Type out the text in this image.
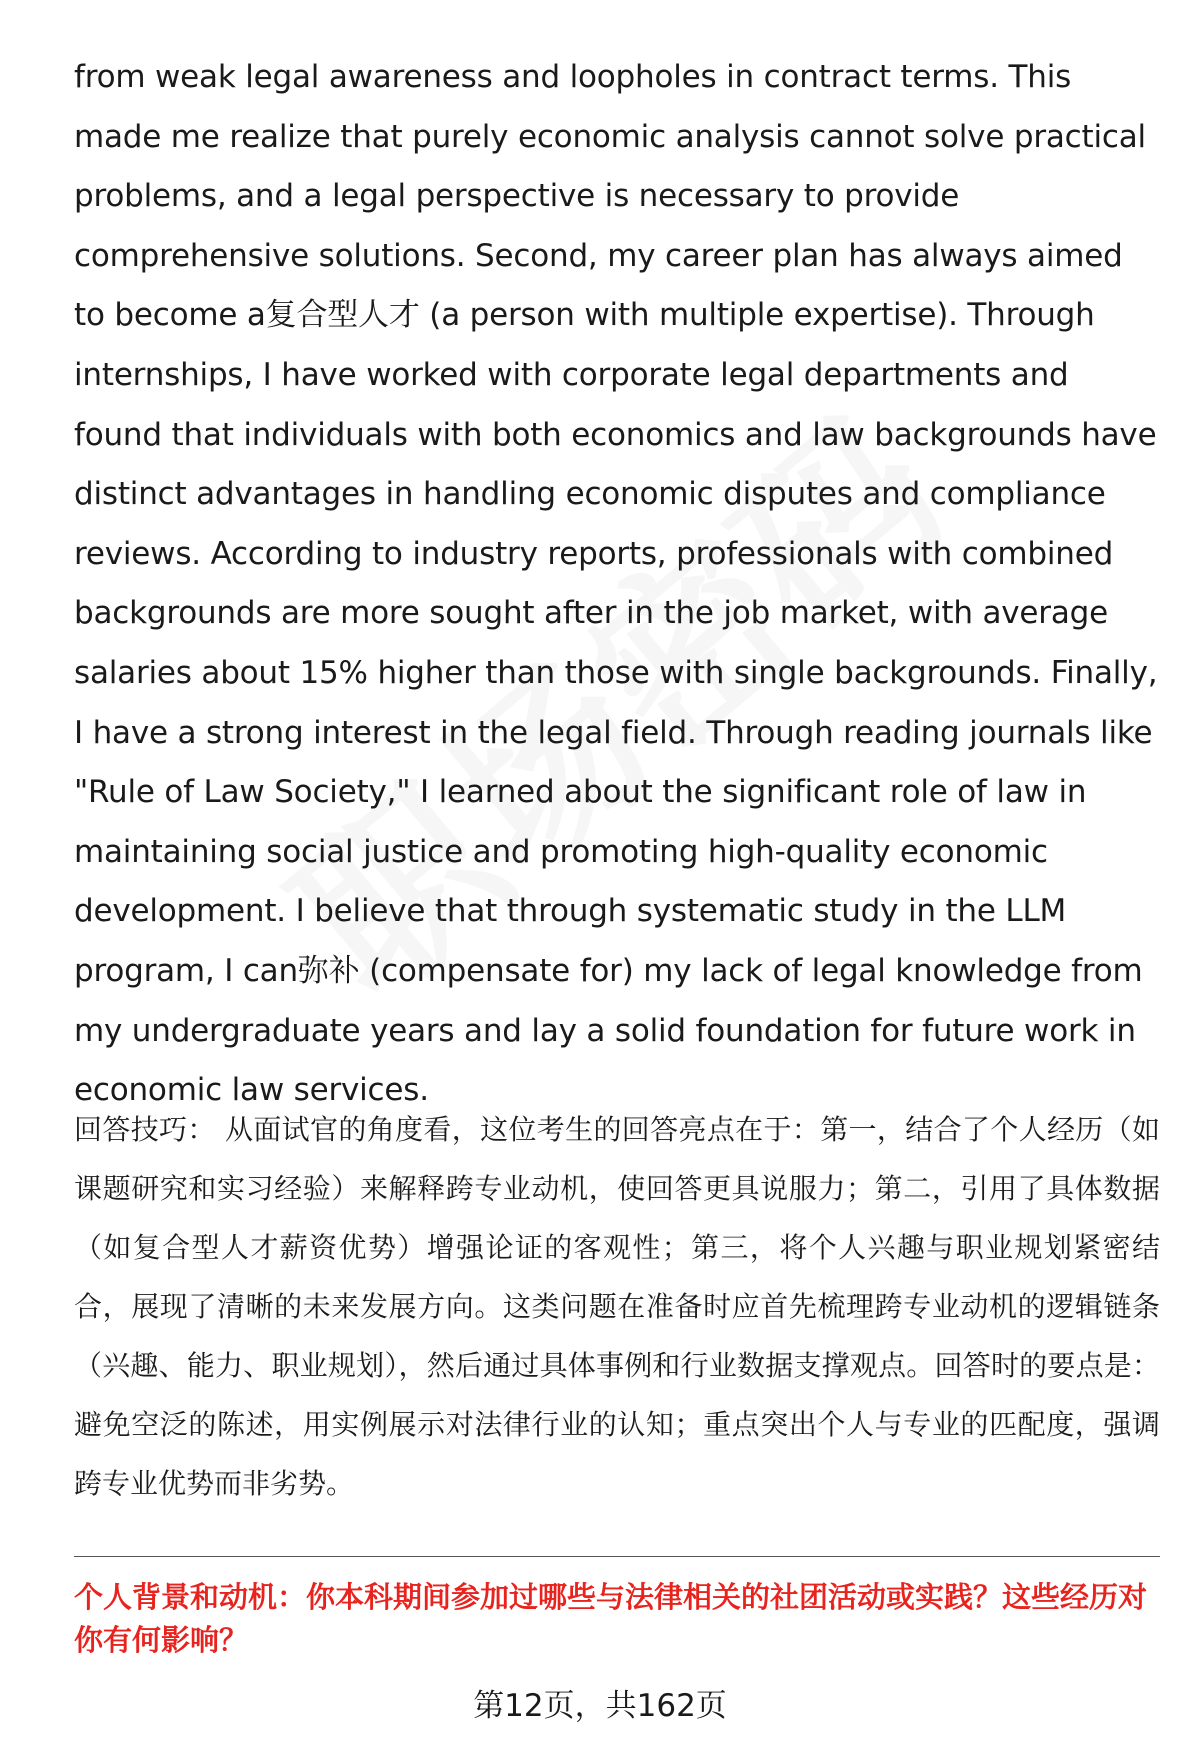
from weak legal awareness and loopholes in contract terms. This made me realize that purely economic analysis cannot solve practical problems, and a legal perspective is necessary to provide comprehensive solutions. Second, my career plan has always aimed to become a复合型人才 (a person with multiple expertise). Through internships, I have worked with corporate legal departments and found that individuals with both economics and law backgrounds have distinct advantages in handling economic disputes and compliance reviews. According to industry reports, professionals with combined backgrounds are more sought after in the job market, with average salaries about 15% higher than those with single backgrounds. Finally, I have a strong interest in the legal field. Through reading journals like "Rule of Law Society," I learned about the significant role of law in maintaining social justice and promoting high-quality economic development. I believe that through systematic study in the LLM program, I can弥补 (compensate for) my lack of legal knowledge from my undergraduate years and lay a solid foundation for future work in economic law services.

回答技巧： 从面试官的角度看，这位考生的回答亮点在于：第一，结合了个人经历（如课题研究和实习经验）来解释跨专业动机，使回答更具说服力；第二，引用了具体数据（如复合型人才薪资优势）增强论证的客观性；第三，将个人兴趣与职业规划紧密结合，展现了清晰的未来发展方向。这类问题在准备时应首先梳理跨专业动机的逻辑链条（兴趣、能力、职业规划），然后通过具体事例和行业数据支撑观点。回答时的要点是：避免空泛的陈述，用实例展示对法律行业的认知；重点突出个人与专业的匹配度，强调跨专业优势而非劣势。

个人背景和动机：你本科期间参加过哪些与法律相关的社团活动或实践？这些经历对你有何影响？

第12页，共162页
